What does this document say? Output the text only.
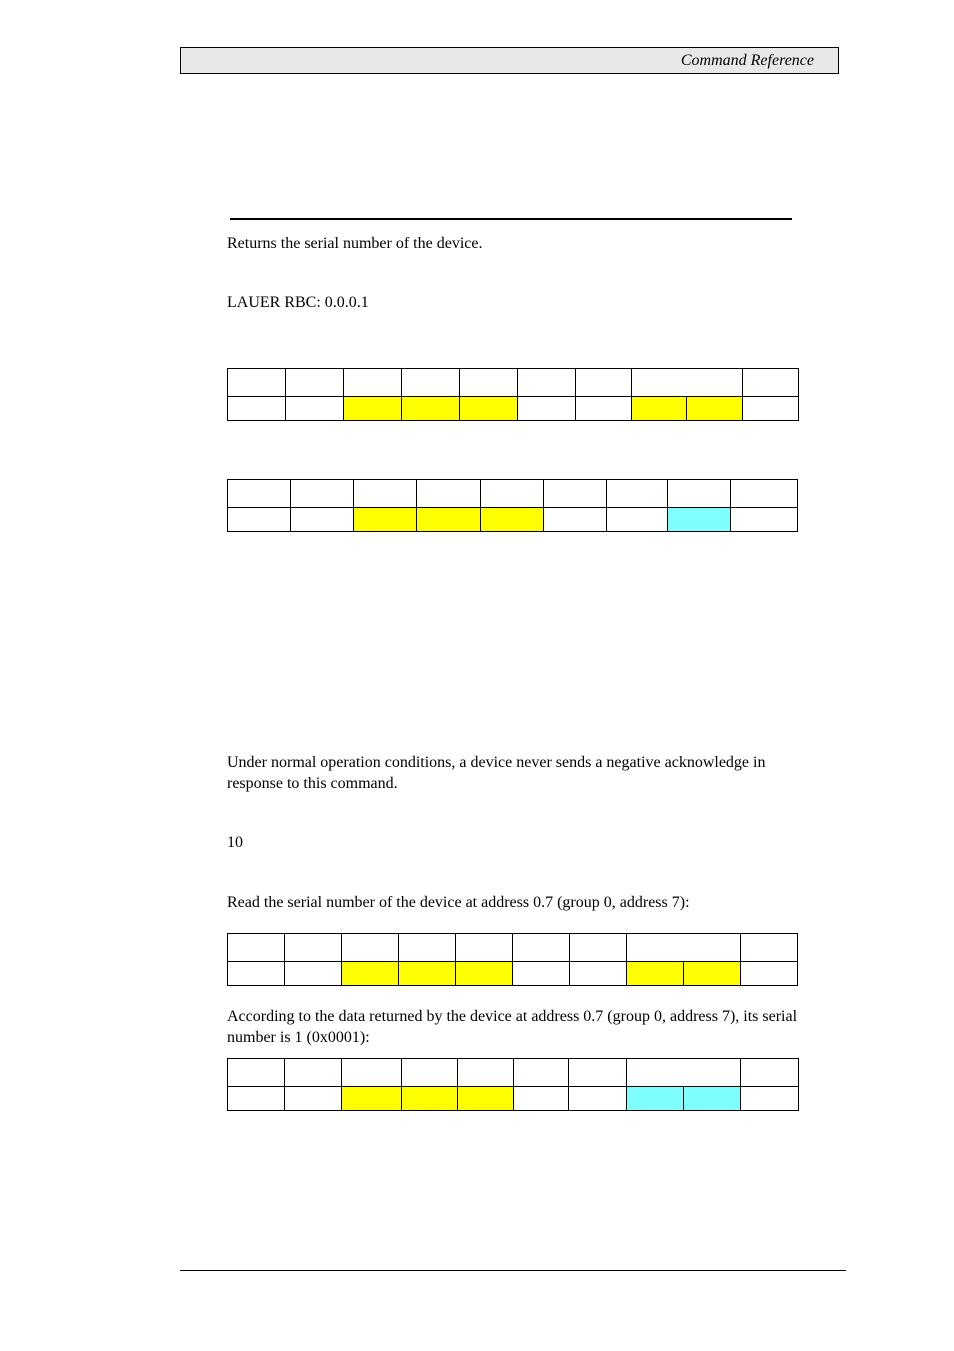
Command Reference
Returns the serial number of the device.
LAUER RBC: 0.0.0.1

Under normal operation conditions, a device never sends a negative acknowledge in response to this command.
10
Read the serial number of the device at address 0.7 (group 0, address 7):

According to the data returned by the device at address 0.7 (group 0, address 7), its serial number is 1 (0x0001):
